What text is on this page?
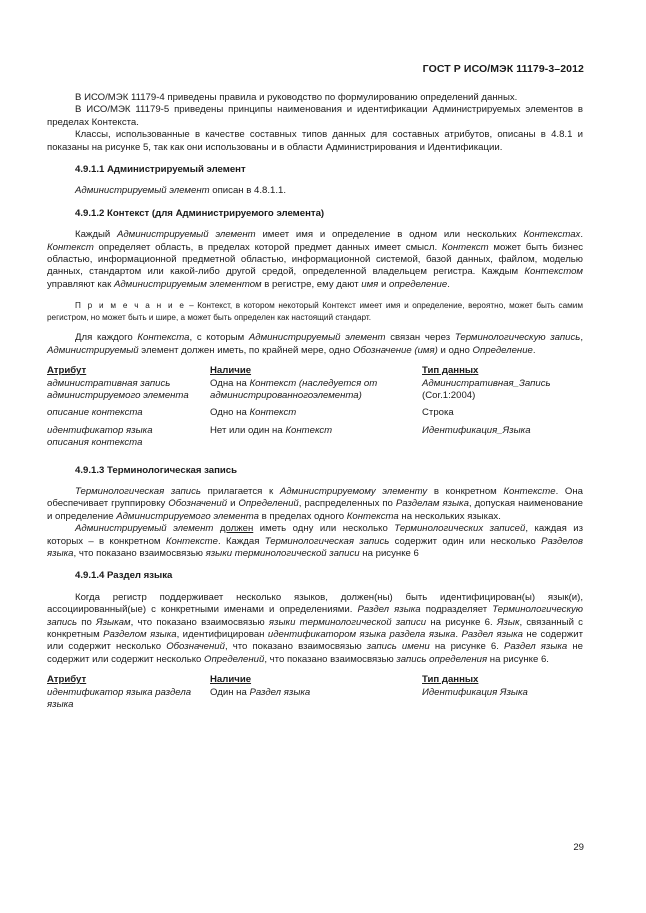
ГОСТ Р ИСО/МЭК 11179-3–2012

В ИСО/МЭК 11179-4 приведены правила и руководство по формулированию определений данных.

В ИСО/МЭК 11179-5 приведены принципы наименования и идентификации Администрируемых элементов в пределах Контекста.

Классы, использованные в качестве составных типов данных для составных атрибутов, описаны в 4.8.1 и показаны на рисунке 5, так как они использованы и в области Администрирования и Идентификации.

4.9.1.1 Администрируемый элемент

Администрируемый элемент описан в 4.8.1.1.

4.9.1.2 Контекст (для Администрируемого элемента)

Каждый Администрируемый элемент имеет имя и определение в одном или нескольких Контекстах. Контекст определяет область, в пределах которой предмет данных имеет смысл. Контекст может быть бизнес областью, информационной предметной областью, информационной системой, базой данных, файлом, моделью данных, стандартом или какой-либо другой средой, определенной владельцем регистра. Каждым Контекстом управляют как Администрируемым элементом в регистре, ему дают имя и определение.

П р и м е ч а н и е – Контекст, в котором некоторый Контекст имеет имя и определение, вероятно, может быть самим регистром, но может быть и шире, а может быть определен как настоящий стандарт.

Для каждого Контекста, с которым Администрируемый элемент связан через Терминологическую запись, Администрируемый элемент должен иметь, по крайней мере, одно Обозначение (имя) и одно Определение.

Атрибут	Наличие	Тип данных
административная запись администрируемого элемента	Одна на Контекст (наследуется от администрированногоэлемента)	Административная_Запись
(Cor.1:2004)
описание контекста	Одно на Контекст	Строка
идентификатор языка описания контекста	Нет или один на Контекст	Идентификация_Языка

4.9.1.3 Терминологическая запись

Терминологическая запись прилагается к Администрируемому элементу в конкретном Контексте. Она обеспечивает группировку Обозначений и Определений, распределенных по Разделам языка, допуская наименование и определение Администрируемого элемента в пределах одного Контекста на нескольких языках.

Администрируемый элемент должен иметь одну или несколько Терминологических записей, каждая из которых – в конкретном Контексте. Каждая Терминологическая запись содержит один или несколько Разделов языка, что показано взаимосвязью языки терминологической записи на рисунке 6

4.9.1.4 Раздел языка

Когда регистр поддерживает несколько языков, должен(ны) быть идентифицирован(ы) язык(и), ассоциированный(ые) с конкретными именами и определениями. Раздел языка подразделяет Терминологическую запись по Языкам, что показано взаимосвязью языки терминологической записи на рисунке 6. Язык, связанный с конкретным Разделом языка, идентифицирован идентификатором языка раздела языка. Раздел языка не содержит или содержит несколько Обозначений, что показано взаимосвязью запись имени на рисунке 6. Раздел языка не содержит или содержит несколько Определений, что показано взаимосвязью запись определения на рисунке 6.

Атрибут	Наличие	Тип данных
идентификатор языка раздела языка	Один на Раздел языка	Идентификация Языка
29
